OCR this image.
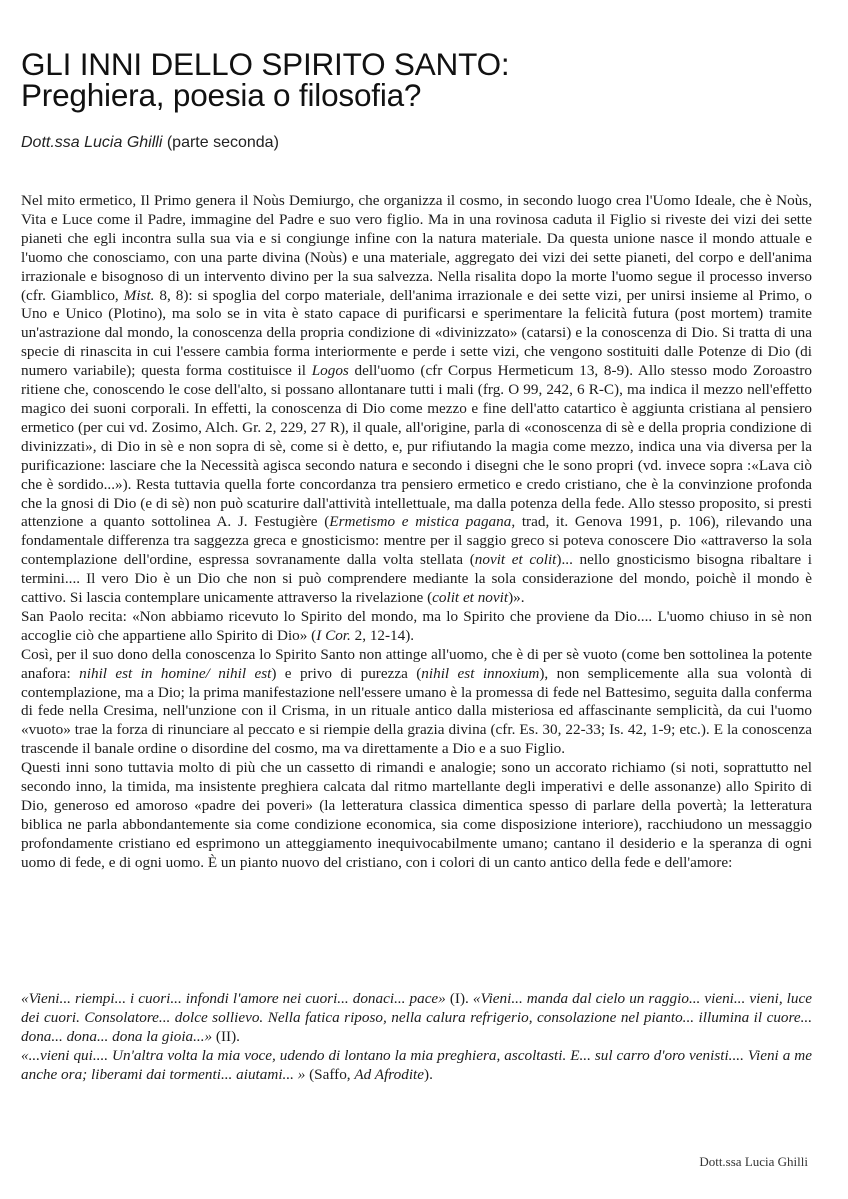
GLI INNI DELLO SPIRITO SANTO:
Preghiera, poesia o filosofia?
Dott.ssa Lucia Ghilli (parte seconda)

Nel mito ermetico, Il Primo genera il Noùs Demiurgo, che organizza il cosmo, in secondo luogo crea l'Uomo Ideale, che è Noùs, Vita e Luce come il Padre, immagine del Padre e suo vero figlio. Ma in una rovinosa caduta il Figlio si riveste dei vizi dei sette pianeti che egli incontra sulla sua via e si congiunge infine con la natura materiale. Da questa unione nasce il mondo attuale e l'uomo che conosciamo, con una parte divina (Noùs) e una materiale, aggregato dei vizi dei sette pianeti, del corpo e dell'anima irrazionale e bisognoso di un intervento divino per la sua salvezza. Nella risalita dopo la morte l'uomo segue il processo inverso (cfr. Giamblico, Mist. 8, 8): si spoglia del corpo materiale, dell'anima irrazionale e dei sette vizi, per unirsi insieme al Primo, o Uno e Unico (Plotino), ma solo se in vita è stato capace di purificarsi e sperimentare la felicità futura (post mortem) tramite un'astrazione dal mondo, la conoscenza della propria condizione di «divinizzato» (catarsi) e la conoscenza di Dio. Si tratta di una specie di rinascita in cui l'essere cambia forma interiormente e perde i sette vizi, che vengono sostituiti dalle Potenze di Dio (di numero variabile); questa forma costituisce il Logos dell'uomo (cfr Corpus Hermeticum 13, 8-9). Allo stesso modo Zoroastro ritiene che, conoscendo le cose dell'alto, si possano allontanare tutti i mali (frg. O 99, 242, 6 R-C), ma indica il mezzo nell'effetto magico dei suoni corporali. In effetti, la conoscenza di Dio come mezzo e fine dell'atto catartico è aggiunta cristiana al pensiero ermetico (per cui vd. Zosimo, Alch. Gr. 2, 229, 27 R), il quale, all'origine, parla di «conoscenza di sè e della propria condizione di divinizzati», di Dio in sè e non sopra di sè, come si è detto, e, pur rifiutando la magia come mezzo, indica una via diversa per la purificazione: lasciare che la Necessità agisca secondo natura e secondo i disegni che le sono propri (vd. invece sopra :«Lava ciò che è sordido...»). Resta tuttavia quella forte concordanza tra pensiero ermetico e credo cristiano, che è la convinzione profonda che la gnosi di Dio (e di sè) non può scaturire dall'attività intellettuale, ma dalla potenza della fede. Allo stesso proposito, si presti attenzione a quanto sottolinea A. J. Festugière (Ermetismo e mistica pagana, trad, it. Genova 1991, p. 106), rilevando una fondamentale differenza tra saggezza greca e gnosticismo: mentre per il saggio greco si poteva conoscere Dio «attraverso la sola contemplazione dell'ordine, espressa sovranamente dalla volta stellata (novit et colit)... nello gnosticismo bisogna ribaltare i termini.... Il vero Dio è un Dio che non si può comprendere mediante la sola considerazione del mondo, poichè il mondo è cattivo. Si lascia contemplare unicamente attraverso la rivelazione (colit et novit)».

San Paolo recita: «Non abbiamo ricevuto lo Spirito del mondo, ma lo Spirito che proviene da Dio.... L'uomo chiuso in sè non accoglie ciò che appartiene allo Spirito di Dio» (I Cor. 2, 12-14).

Così, per il suo dono della conoscenza lo Spirito Santo non attinge all'uomo, che è di per sè vuoto (come ben sottolinea la potente anafora: nihil est in homine/ nihil est) e privo di purezza (nihil est innoxium), non semplicemente alla sua volontà di contemplazione, ma a Dio; la prima manifestazione nell'essere umano è la promessa di fede nel Battesimo, seguita dalla conferma di fede nella Cresima, nell'unzione con il Crisma, in un rituale antico dalla misteriosa ed affascinante semplicità, da cui l'uomo «vuoto» trae la forza di rinunciare al peccato e si riempie della grazia divina (cfr. Es. 30, 22-33; Is. 42, 1-9; etc.). E la conoscenza trascende il banale ordine o disordine del cosmo, ma va direttamente a Dio e a suo Figlio.

Questi inni sono tuttavia molto di più che un cassetto di rimandi e analogie; sono un accorato richiamo (si noti, soprattutto nel secondo inno, la timida, ma insistente preghiera calcata dal ritmo martellante degli imperativi e delle assonanze) allo Spirito di Dio, generoso ed amoroso «padre dei poveri» (la letteratura classica dimentica spesso di parlare della povertà; la letteratura biblica ne parla abbondantemente sia come condizione economica, sia come disposizione interiore), racchiudono un messaggio profondamente cristiano ed esprimono un atteggiamento inequivocabilmente umano; cantano il desiderio e la speranza di ogni uomo di fede, e di ogni uomo. È un pianto nuovo del cristiano, con i colori di un canto antico della fede e dell'amore:

«Vieni... riempi... i cuori... infondi l'amore nei cuori... donaci... pace» (I). «Vieni... manda dal cielo un raggio... vieni... vieni, luce dei cuori. Consolatore... dolce sollievo. Nella fatica riposo, nella calura refrigerio, consolazione nel pianto... illumina il cuore... dona... dona... dona la gioia...» (II).

«...vieni qui.... Un'altra volta la mia voce, udendo di lontano la mia preghiera, ascoltasti. E... sul carro d'oro venisti.... Vieni a me anche ora; liberami dai tormenti... aiutami... » (Saffo, Ad Afrodite).

Dott.ssa Lucia Ghilli
